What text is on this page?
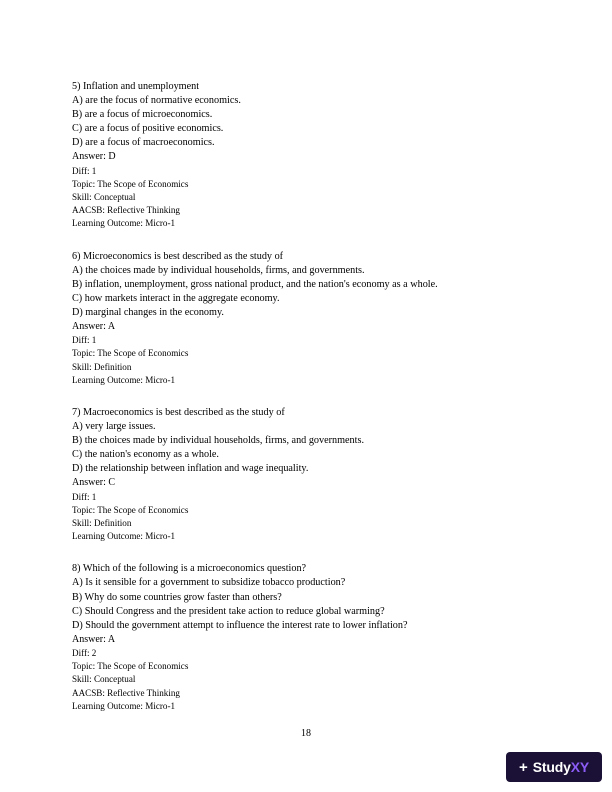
5) Inflation and unemployment
A) are the focus of normative economics.
B) are a focus of microeconomics.
C) are a focus of positive economics.
D) are a focus of macroeconomics.
Answer: D
Diff: 1
Topic: The Scope of Economics
Skill: Conceptual
AACSB: Reflective Thinking
Learning Outcome: Micro-1
6) Microeconomics is best described as the study of
A) the choices made by individual households, firms, and governments.
B) inflation, unemployment, gross national product, and the nation's economy as a whole.
C) how markets interact in the aggregate economy.
D) marginal changes in the economy.
Answer: A
Diff: 1
Topic: The Scope of Economics
Skill: Definition
Learning Outcome: Micro-1
7) Macroeconomics is best described as the study of
A) very large issues.
B) the choices made by individual households, firms, and governments.
C) the nation's economy as a whole.
D) the relationship between inflation and wage inequality.
Answer: C
Diff: 1
Topic: The Scope of Economics
Skill: Definition
Learning Outcome: Micro-1
8) Which of the following is a microeconomics question?
A) Is it sensible for a government to subsidize tobacco production?
B) Why do some countries grow faster than others?
C) Should Congress and the president take action to reduce global warming?
D) Should the government attempt to influence the interest rate to lower inflation?
Answer: A
Diff: 2
Topic: The Scope of Economics
Skill: Conceptual
AACSB: Reflective Thinking
Learning Outcome: Micro-1
18
+ StudyXY
